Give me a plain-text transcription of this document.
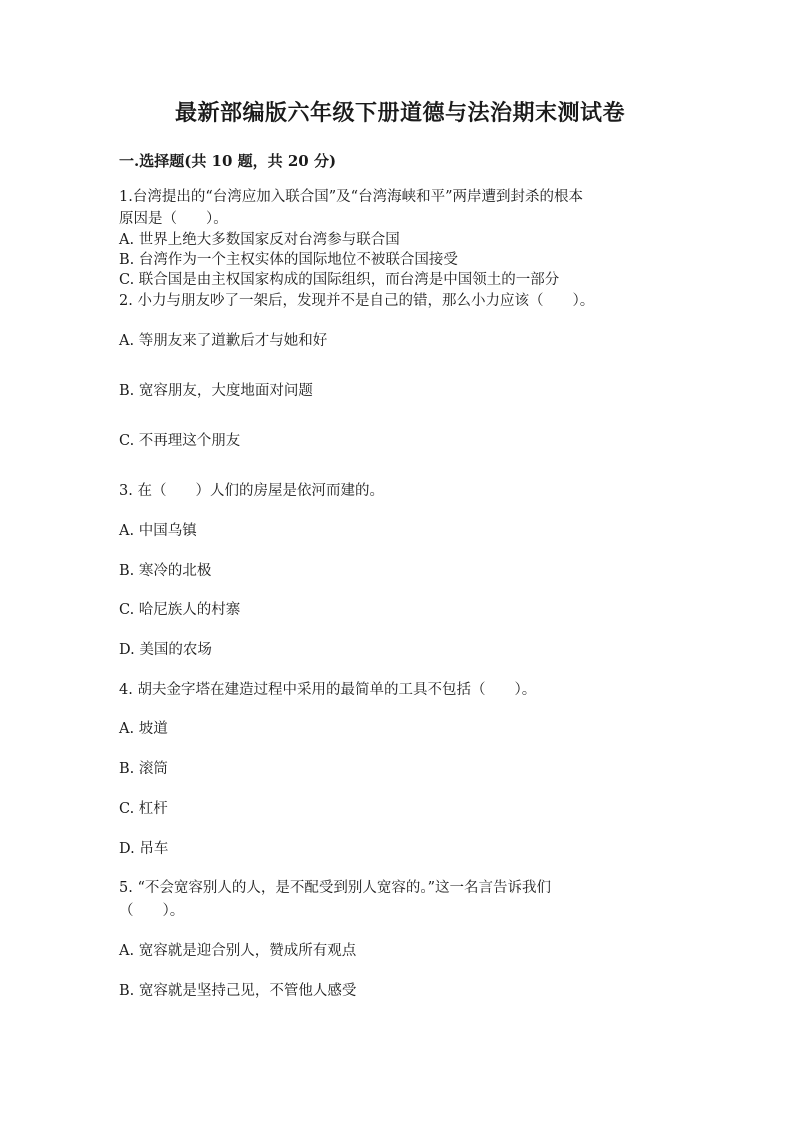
最新部编版六年级下册道德与法治期末测试卷
一.选择题(共 10 题，共 20 分)
1.台湾提出的“台湾应加入联合国”及“台湾海峡和平”两岸遭到封杀的根本
原因是（　　）。
A. 世界上绝大多数国家反对台湾参与联合国
B. 台湾作为一个主权实体的国际地位不被联合国接受
C. 联合国是由主权国家构成的国际组织，而台湾是中国领土的一部分
2. 小力与朋友吵了一架后，发现并不是自己的错，那么小力应该（　　）。
A. 等朋友来了道歉后才与她和好
B. 宽容朋友，大度地面对问题
C. 不再理这个朋友
3. 在（　　）人们的房屋是依河而建的。
A. 中国乌镇
B. 寒冷的北极
C. 哈尼族人的村寨
D. 美国的农场
4. 胡夫金字塔在建造过程中采用的最简单的工具不包括（　　）。
A. 坡道
B. 滚筒
C. 杠杆
D. 吊车
5. “不会宽容别人的人，是不配受到别人宽容的。”这一名言告诉我们
（　　）。
A. 宽容就是迎合别人，赞成所有观点
B. 宽容就是坚持己见，不管他人感受
